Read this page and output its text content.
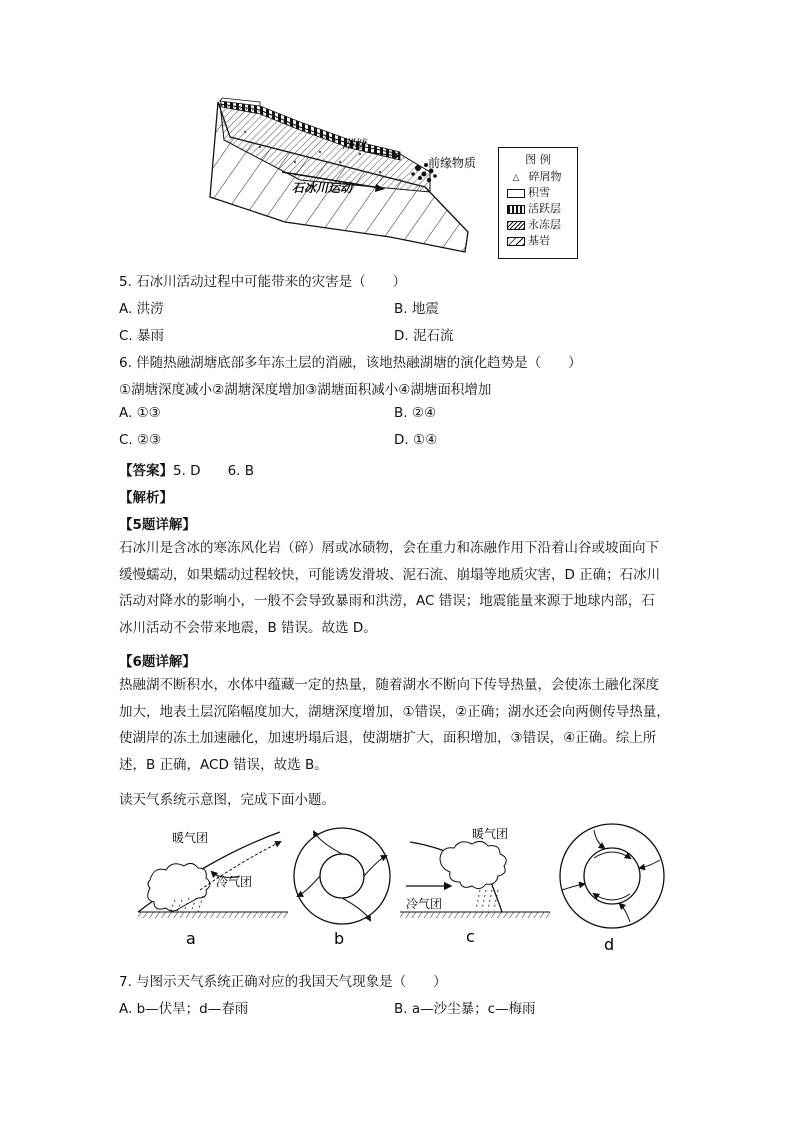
湖塘
前缘物质
石冰川运动
图 例
△ 碎屑物
积雪
活跃层
永冻层
基岩
5. 石冰川活动过程中可能带来的灾害是（　　）
A. 洪涝	B. 地震
C. 暴雨	D. 泥石流
6. 伴随热融湖塘底部多年冻土层的消融，该地热融湖塘的演化趋势是（　　）
①湖塘深度减小②湖塘深度增加③湖塘面积减小④湖塘面积增加
A. ①③	B. ②④
C. ②③	D. ①④
【答案】5. D　　6. B
【解析】
【5题详解】
石冰川是含冰的寒冻风化岩（碎）屑或冰碛物，会在重力和冻融作用下沿着山谷或坡面向下
缓慢蠕动，如果蠕动过程较快，可能诱发滑坡、泥石流、崩塌等地质灾害，D 正确；石冰川
活动对降水的影响小，一般不会导致暴雨和洪涝，AC 错误；地震能量来源于地球内部，石
冰川活动不会带来地震，B 错误。故选 D。
【6题详解】
热融湖不断积水，水体中蕴藏一定的热量，随着湖水不断向下传导热量，会使冻土融化深度
加大，地表土层沉陷幅度加大，湖塘深度增加，①错误，②正确；湖水还会向两侧传导热量，
使湖岸的冻土加速融化，加速坍塌后退，使湖塘扩大，面积增加，③错误，④正确。综上所
述，B 正确，ACD 错误，故选 B。
读天气系统示意图，完成下面小题。
暖气团
冷气团
a	b
暖气团
冷气团
c	d
7. 与图示天气系统正确对应的我国天气现象是（　　）
A. b—伏旱；d—春雨	B. a—沙尘暴；c—梅雨
